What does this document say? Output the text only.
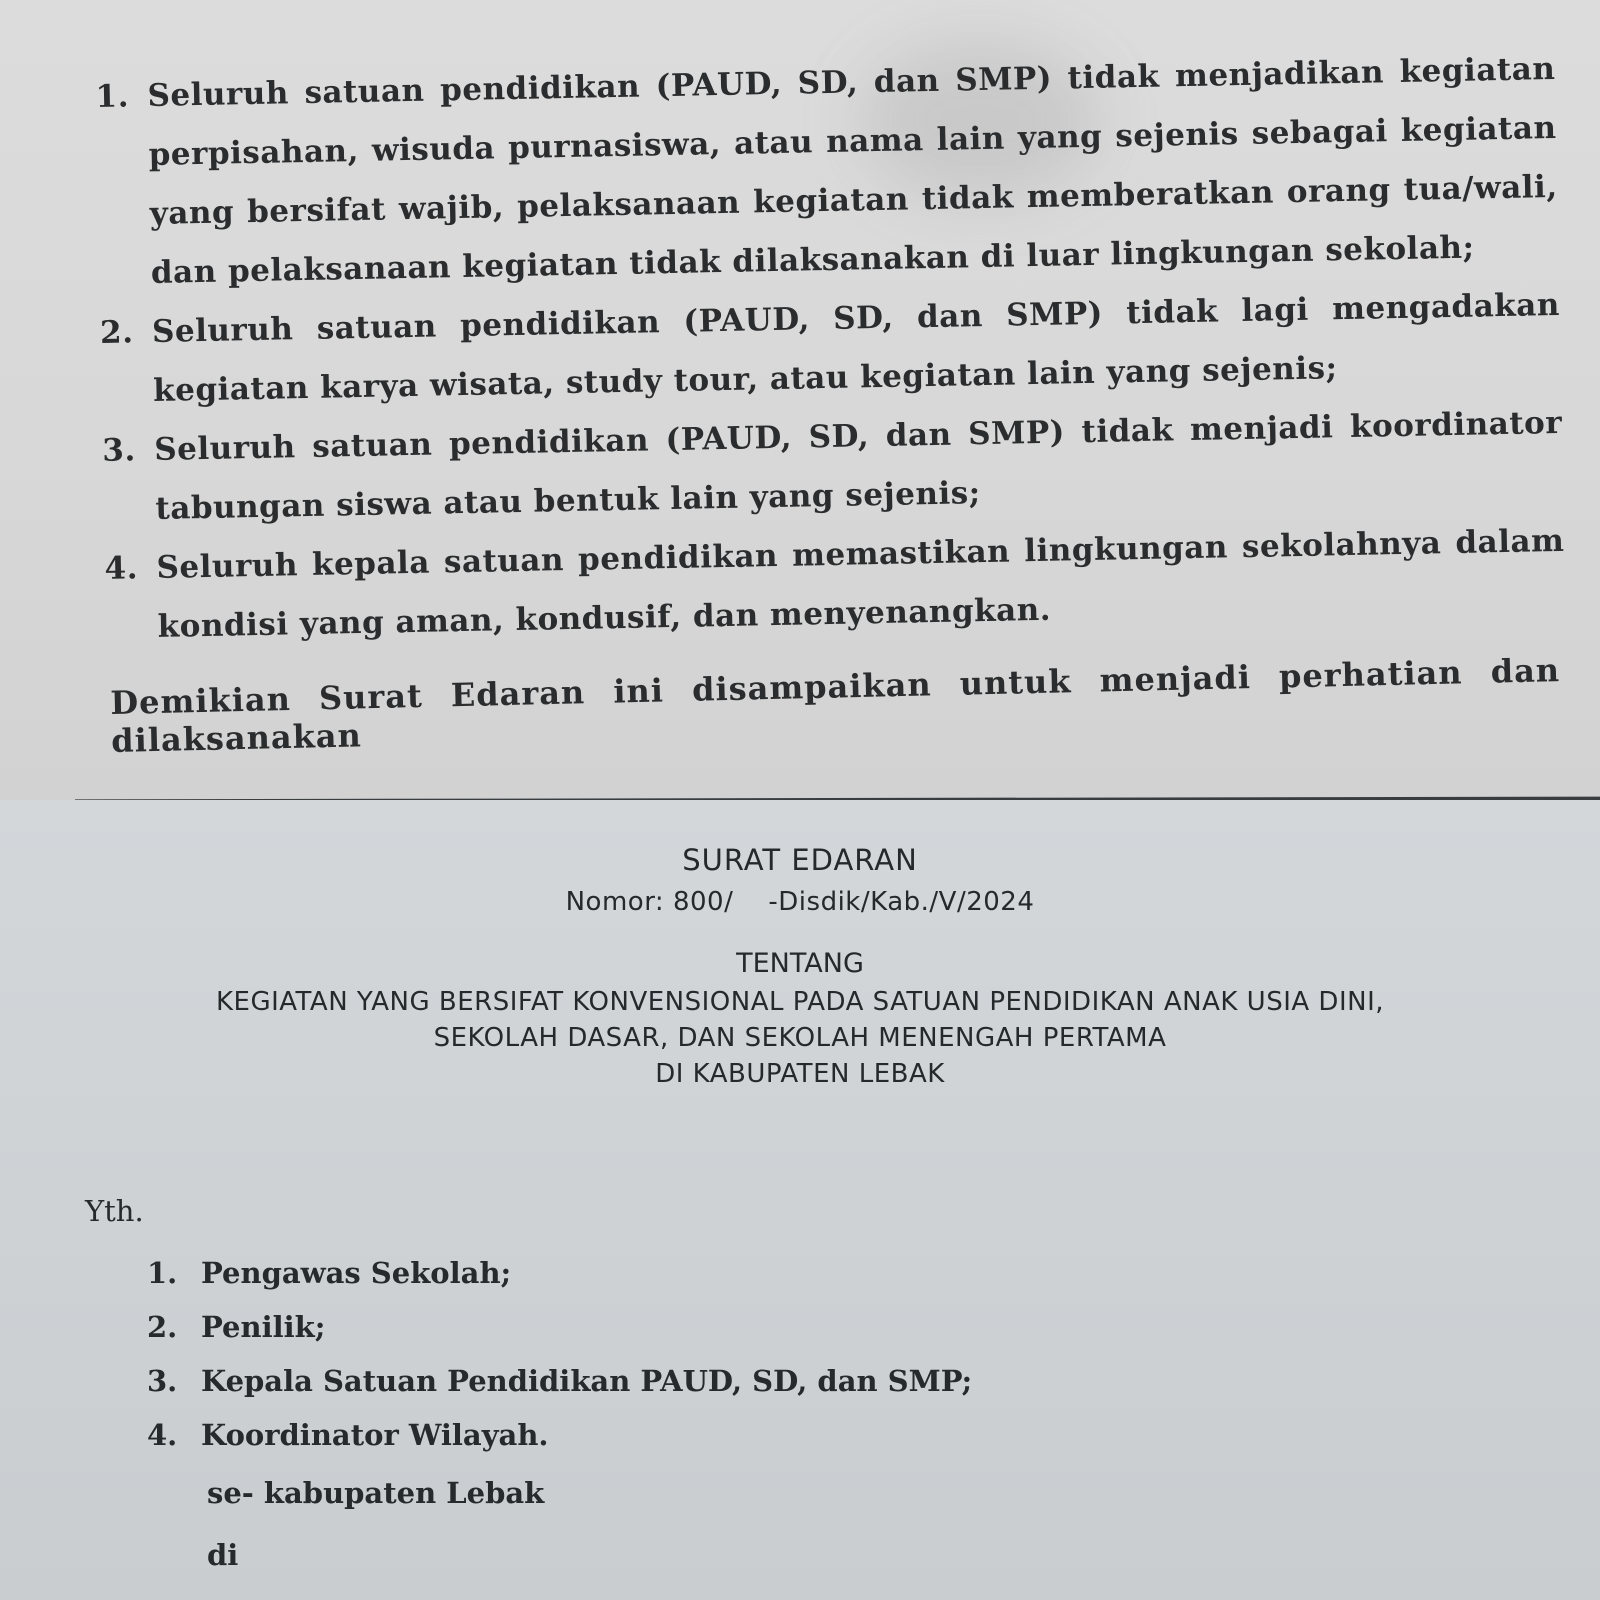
1. Seluruh satuan pendidikan (PAUD, SD, dan SMP) tidak menjadikan kegiatan perpisahan, wisuda purnasiswa, atau nama lain yang sejenis sebagai kegiatan yang bersifat wajib, pelaksanaan kegiatan tidak memberatkan orang tua/wali, dan pelaksanaan kegiatan tidak dilaksanakan di luar lingkungan sekolah;
2. Seluruh satuan pendidikan (PAUD, SD, dan SMP) tidak lagi mengadakan kegiatan karya wisata, study tour, atau kegiatan lain yang sejenis;
3. Seluruh satuan pendidikan (PAUD, SD, dan SMP) tidak menjadi koordinator tabungan siswa atau bentuk lain yang sejenis;
4. Seluruh kepala satuan pendidikan memastikan lingkungan sekolahnya dalam kondisi yang aman, kondusif, dan menyenangkan.
Demikian Surat Edaran ini disampaikan untuk menjadi perhatian dan dilaksanakan
SURAT EDARAN
Nomor: 800/    -Disdik/Kab./V/2024
TENTANG
KEGIATAN YANG BERSIFAT KONVENSIONAL PADA SATUAN PENDIDIKAN ANAK USIA DINI,
SEKOLAH DASAR, DAN SEKOLAH MENENGAH PERTAMA
DI KABUPATEN LEBAK
Yth.
1. Pengawas Sekolah;
2. Penilik;
3. Kepala Satuan Pendidikan PAUD, SD, dan SMP;
4. Koordinator Wilayah.
se- kabupaten Lebak
di
